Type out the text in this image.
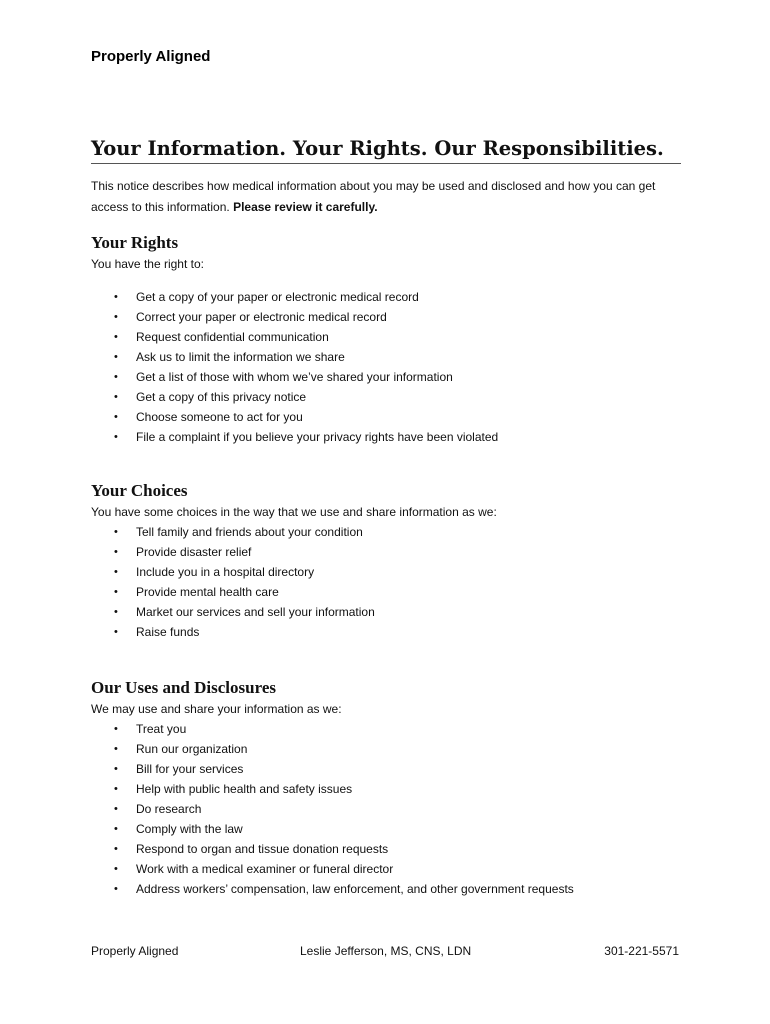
Properly Aligned
Your Information. Your Rights. Our Responsibilities.
This notice describes how medical information about you may be used and disclosed and how you can get access to this information. Please review it carefully.
Your Rights
You have the right to:
• Get a copy of your paper or electronic medical record
• Correct your paper or electronic medical record
• Request confidential communication
• Ask us to limit the information we share
• Get a list of those with whom we’ve shared your information
• Get a copy of this privacy notice
• Choose someone to act for you
• File a complaint if you believe your privacy rights have been violated
Your Choices
You have some choices in the way that we use and share information as we:
• Tell family and friends about your condition
• Provide disaster relief
• Include you in a hospital directory
• Provide mental health care
• Market our services and sell your information
• Raise funds
Our Uses and Disclosures
We may use and share your information as we:
• Treat you
• Run our organization
• Bill for your services
• Help with public health and safety issues
• Do research
• Comply with the law
• Respond to organ and tissue donation requests
• Work with a medical examiner or funeral director
• Address workers’ compensation, law enforcement, and other government requests
Properly Aligned	Leslie Jefferson, MS, CNS, LDN	301-221-5571
